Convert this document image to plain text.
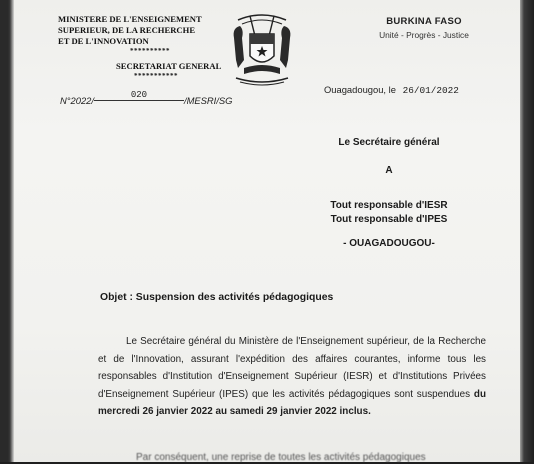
MINISTERE DE L'ENSEIGNEMENT
SUPERIEUR, DE LA RECHERCHE
ET DE L'INNOVATION
**********
SECRETARIAT GENERAL
***********
BURKINA FASO
Unité - Progrès - Justice
Ouagadougou, le 26/01/2022
N°2022/	020	/MESRI/SG
Le Secrétaire général
A
Tout responsable d'IESR
Tout responsable d'IPES
- OUAGADOUGOU-
Objet : Suspension des activités pédagogiques
Le Secrétaire général du Ministère de l'Enseignement supérieur, de la Recherche et de l'Innovation, assurant l'expédition des affaires courantes, informe tous les responsables d'Institution d'Enseignement Supérieur (IESR) et d'Institutions Privées d'Enseignement Supérieur (IPES) que les activités pédagogiques sont suspendues du mercredi 26 janvier 2022 au samedi 29 janvier 2022 inclus.
Par conséquent, une reprise de toutes les activités pédagogiques
